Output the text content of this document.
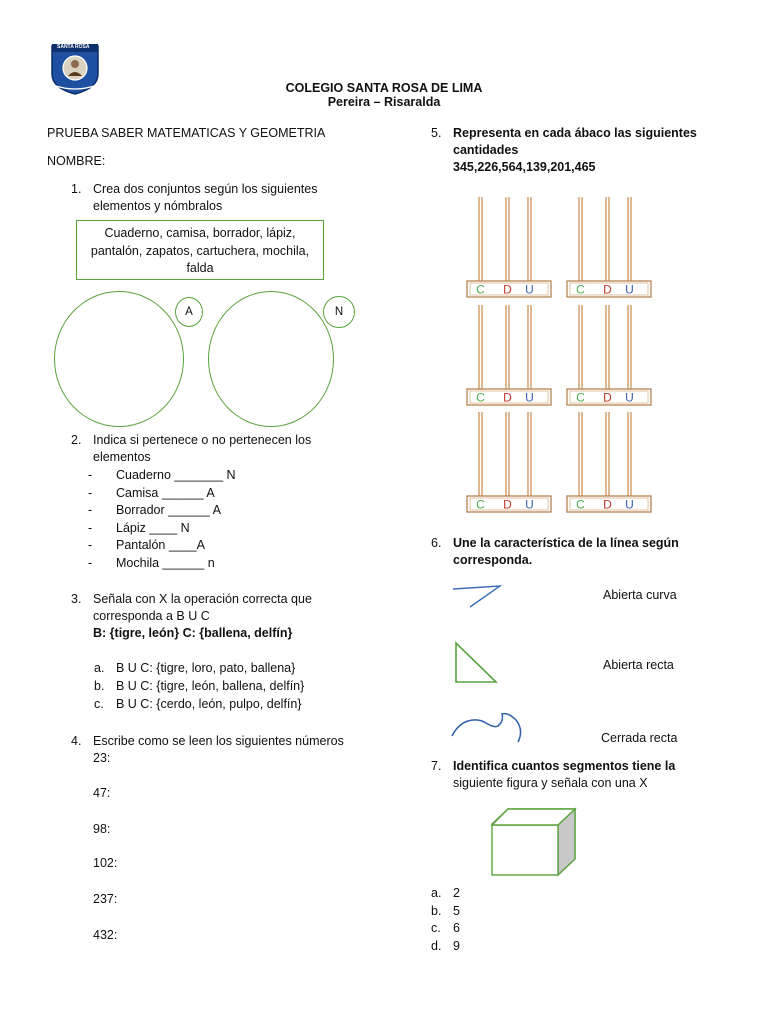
SANTA ROSA
COLEGIO SANTA ROSA DE LIMA
Pereira – Risaralda
PRUEBA SABER MATEMATICAS Y GEOMETRIA
NOMBRE:
1. Crea dos conjuntos según los siguientes
elementos y nómbralos
Cuaderno, camisa, borrador, lápiz,
pantalón, zapatos, cartuchera, mochila,
falda
A	N
2. Indica si pertenece o no pertenecen los
elementos
- Cuaderno _______ N
- Camisa ______ A
- Borrador ______ A
- Lápiz ____ N
- Pantalón ____A
- Mochila ______ n
3. Señala con X la operación correcta que
corresponda a B U C
B: {tigre, león} C: {ballena, delfín}
a. B U C: {tigre, loro, pato, ballena}
b. B U C: {tigre, león, ballena, delfín}
c. B U C: {cerdo, león, pulpo, delfín}
4. Escribe como se leen los siguientes números
23:
47:
98:
102:
237:
432:
5. Representa en cada ábaco las siguientes
cantidades
345,226,564,139,201,465
C D U	C D U
C D U	C D U
C D U	C D U
6. Une la característica de la línea según
corresponda.
Abierta curva
Abierta recta
Cerrada recta
7. Identifica cuantos segmentos tiene la
siguiente figura y señala con una X
a. 2
b. 5
c. 6
d. 9
